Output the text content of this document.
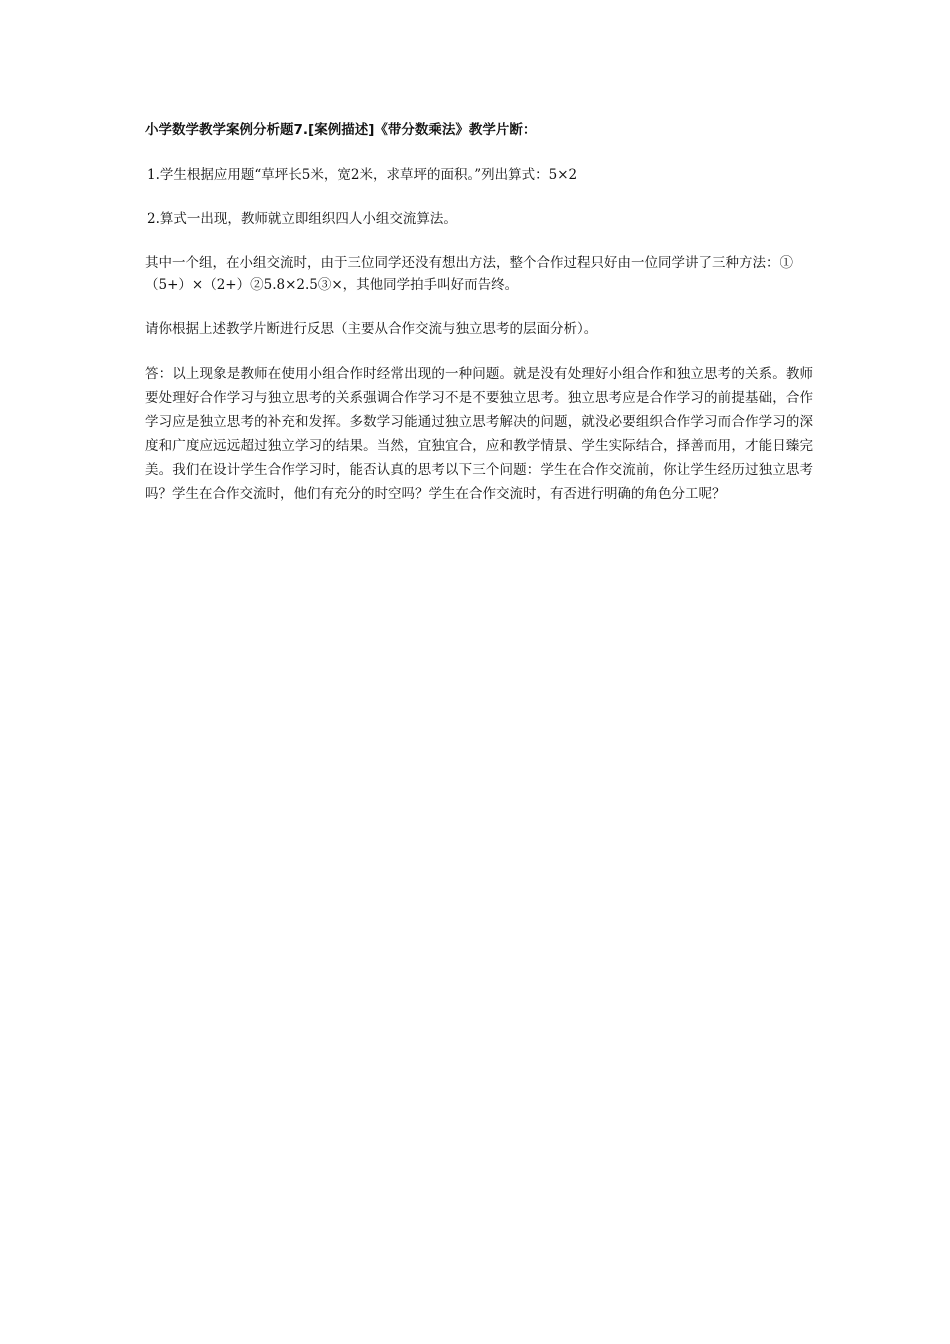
小学数学教学案例分析题7.[案例描述]《带分数乘法》教学片断：

1.学生根据应用题“草坪长5米，宽2米，求草坪的面积。”列出算式：5×2

2.算式一出现，教师就立即组织四人小组交流算法。

其中一个组，在小组交流时，由于三位同学还没有想出方法，整个合作过程只好由一位同学讲了三种方法：①（5+）×（2+）②5.8×2.5③×，其他同学拍手叫好而告终。

请你根据上述教学片断进行反思（主要从合作交流与独立思考的层面分析）。

答：以上现象是教师在使用小组合作时经常出现的一种问题。就是没有处理好小组合作和独立思考的关系。教师要处理好合作学习与独立思考的关系强调合作学习不是不要独立思考。独立思考应是合作学习的前提基础，合作学习应是独立思考的补充和发挥。多数学习能通过独立思考解决的问题，就没必要组织合作学习而合作学习的深度和广度应远远超过独立学习的结果。当然，宜独宜合，应和教学情景、学生实际结合，择善而用，才能日臻完美。我们在设计学生合作学习时，能否认真的思考以下三个问题：学生在合作交流前，你让学生经历过独立思考吗？学生在合作交流时，他们有充分的时空吗？学生在合作交流时，有否进行明确的角色分工呢？
